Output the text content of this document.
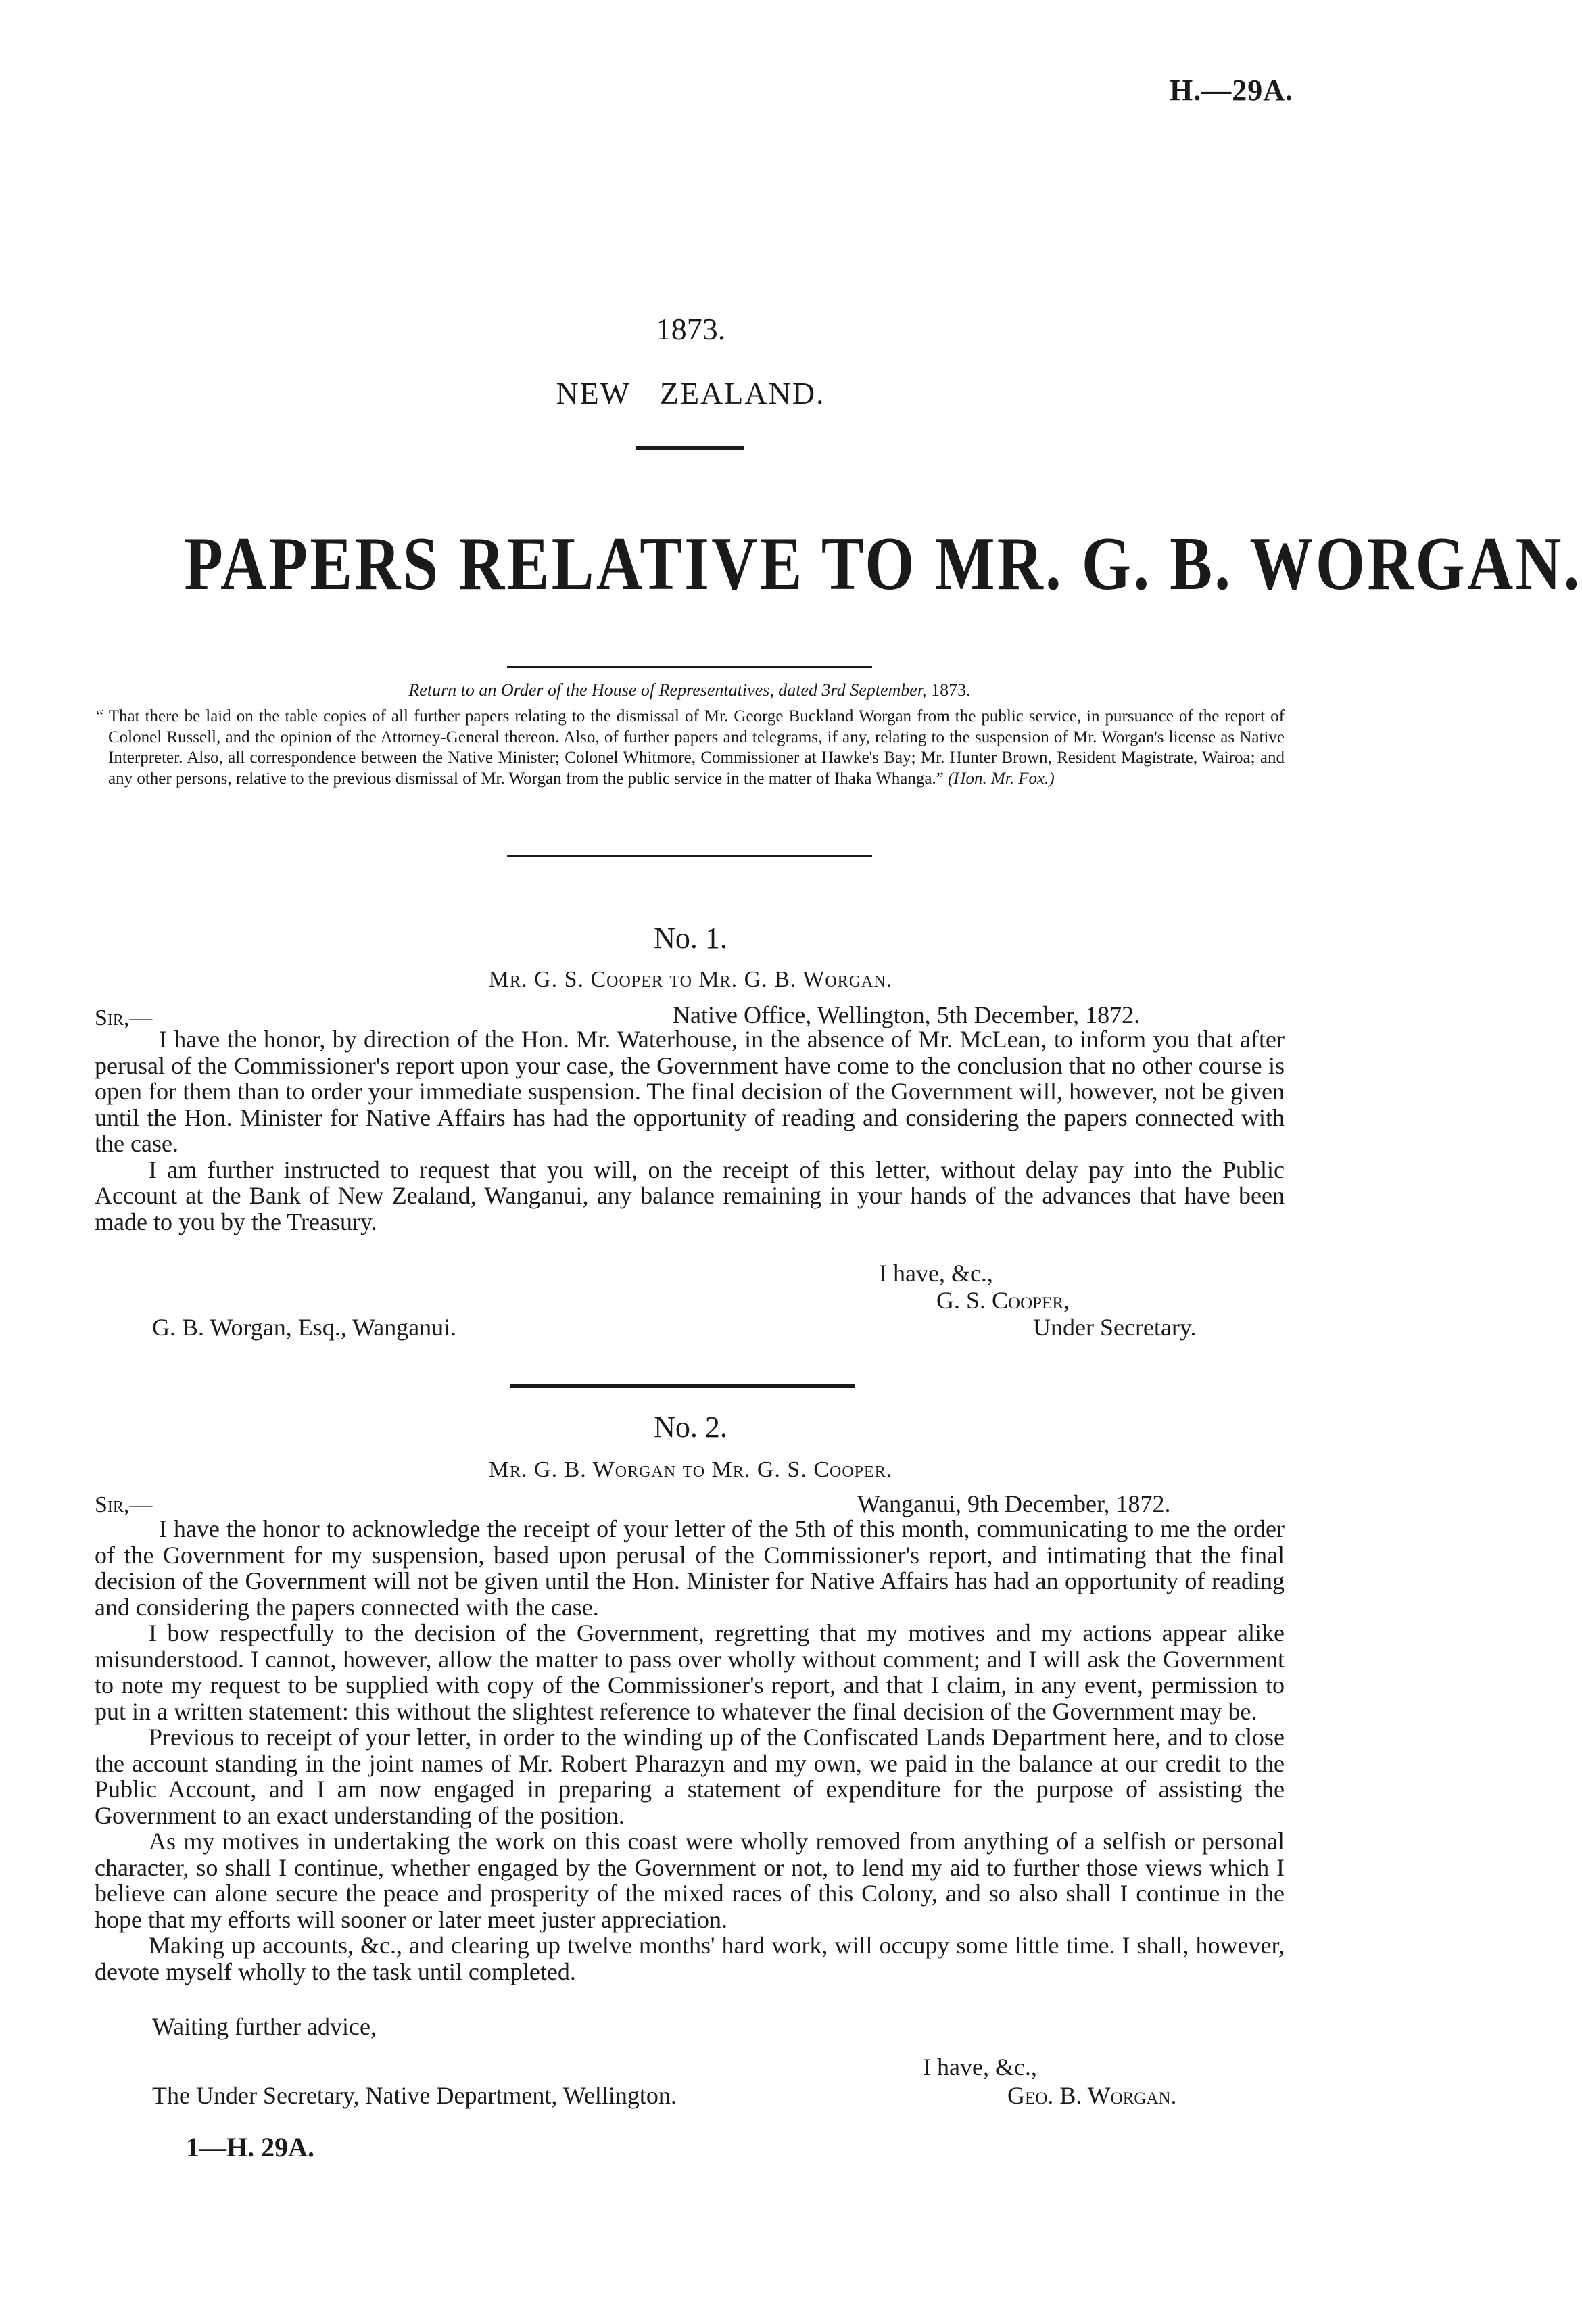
H.—29A.
1873.
NEW ZEALAND.
PAPERS RELATIVE TO MR. G. B. WORGAN.
Return to an Order of the House of Representatives, dated 3rd September, 1873.
“ That there be laid on the table copies of all further papers relating to the dismissal of Mr. George Buckland Worgan from the public service, in pursuance of the report of Colonel Russell, and the opinion of the Attorney-General thereon. Also, of further papers and telegrams, if any, relating to the suspension of Mr. Worgan's license as Native Interpreter. Also, all correspondence between the Native Minister; Colonel Whitmore, Commissioner at Hawke's Bay; Mr. Hunter Brown, Resident Magistrate, Wairoa; and any other persons, relative to the previous dismissal of Mr. Worgan from the public service in the matter of Ihaka Whanga.” (Hon. Mr. Fox.)
No. 1.
Mr. G. S. Cooper to Mr. G. B. Worgan.
Sir,—	Native Office, Wellington, 5th December, 1872.

I have the honor, by direction of the Hon. Mr. Waterhouse, in the absence of Mr. McLean, to inform you that after perusal of the Commissioner's report upon your case, the Government have come to the conclusion that no other course is open for them than to order your immediate suspension. The final decision of the Government will, however, not be given until the Hon. Minister for Native Affairs has had the opportunity of reading and considering the papers connected with the case.

I am further instructed to request that you will, on the receipt of this letter, without delay pay into the Public Account at the Bank of New Zealand, Wanganui, any balance remaining in your hands of the advances that have been made to you by the Treasury.

I have, &c.,
G. S. Cooper,
G. B. Worgan, Esq., Wanganui.	Under Secretary.
No. 2.
Mr. G. B. Worgan to Mr. G. S. Cooper.
Sir,—	Wanganui, 9th December, 1872.

I have the honor to acknowledge the receipt of your letter of the 5th of this month, communicating to me the order of the Government for my suspension, based upon perusal of the Commissioner's report, and intimating that the final decision of the Government will not be given until the Hon. Minister for Native Affairs has had an opportunity of reading and considering the papers connected with the case.

I bow respectfully to the decision of the Government, regretting that my motives and my actions appear alike misunderstood. I cannot, however, allow the matter to pass over wholly without comment; and I will ask the Government to note my request to be supplied with copy of the Commissioner's report, and that I claim, in any event, permission to put in a written statement: this without the slightest reference to whatever the final decision of the Government may be.

Previous to receipt of your letter, in order to the winding up of the Confiscated Lands Department here, and to close the account standing in the joint names of Mr. Robert Pharazyn and my own, we paid in the balance at our credit to the Public Account, and I am now engaged in preparing a statement of expenditure for the purpose of assisting the Government to an exact understanding of the position.

As my motives in undertaking the work on this coast were wholly removed from anything of a selfish or personal character, so shall I continue, whether engaged by the Government or not, to lend my aid to further those views which I believe can alone secure the peace and prosperity of the mixed races of this Colony, and so also shall I continue in the hope that my efforts will sooner or later meet juster appreciation.

Making up accounts, &c., and clearing up twelve months' hard work, will occupy some little time. I shall, however, devote myself wholly to the task until completed.

Waiting further advice,
I have, &c.,
Geo. B. Worgan.
The Under Secretary, Native Department, Wellington.
1—H. 29A.
